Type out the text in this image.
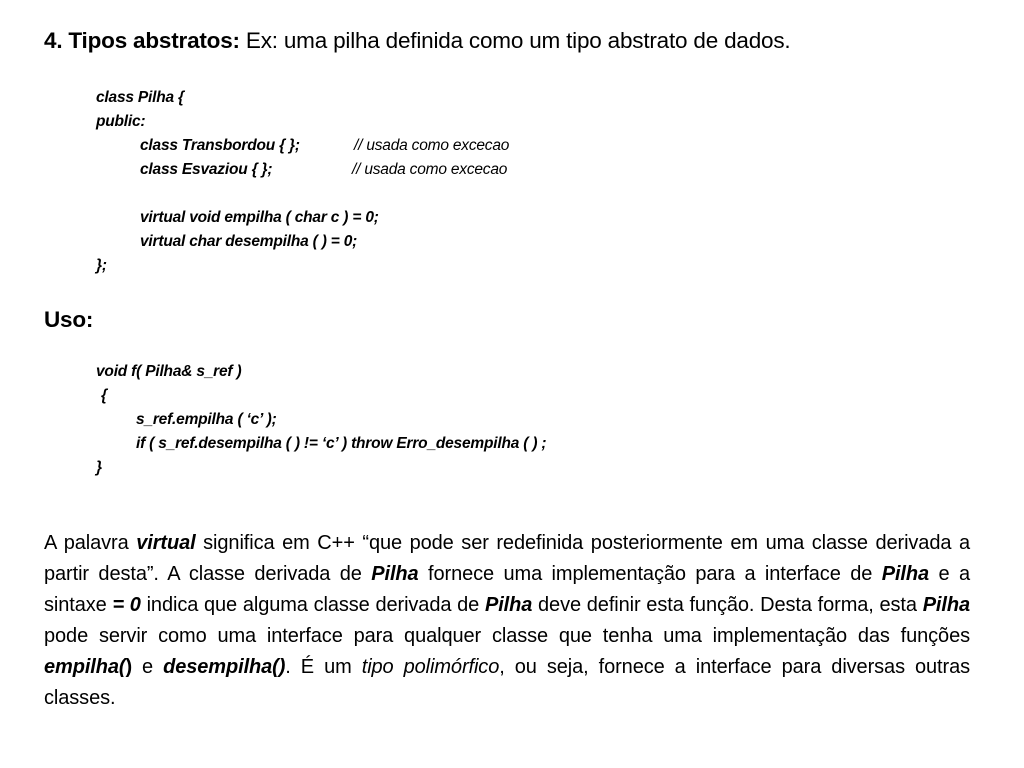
4. Tipos abstratos: Ex: uma pilha definida como um tipo abstrato de dados.
class Pilha {
public:
class Transbordou { };	// usada como excecao
class Esvaziou { };	// usada como excecao
virtual void empilha ( char c ) = 0;
virtual char desempilha ( ) = 0;
};
Uso:
void f( Pilha& s_ref )
{
s_ref.empilha ( ‘c’ );
if ( s_ref.desempilha ( ) != ‘c’ ) throw Erro_desempilha ( ) ;
}
A palavra virtual significa em C++ “que pode ser redefinida posteriormente em uma classe derivada a partir desta”. A classe derivada de Pilha fornece uma implementação para a interface de Pilha e a sintaxe = 0 indica que alguma classe derivada de Pilha deve definir esta função. Desta forma, esta Pilha pode servir como uma interface para qualquer classe que tenha uma implementação das funções empilha() e desempilha(). É um tipo polimórfico, ou seja, fornece a interface para diversas outras classes.
